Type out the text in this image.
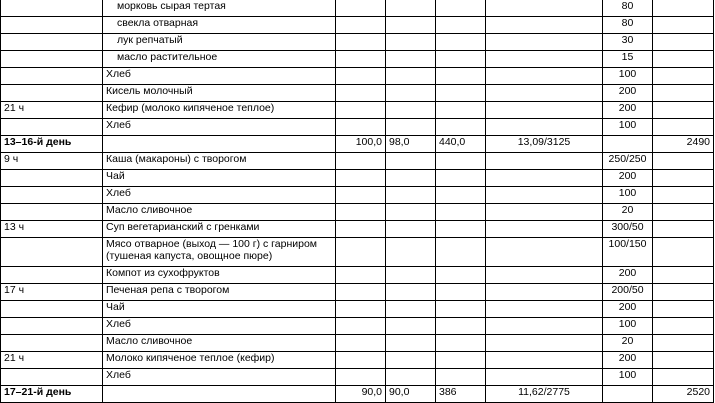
	морковь сырая тертая					80	
	свекла отварная					80	
	лук репчатый					30	
	масло растительное					15	
	Хлеб					100	
	Кисель молочный					200	
21 ч	Кефир (молоко кипяченое теплое)					200	
	Хлеб					100	
13–16-й день		100,0	98,0	440,0	13,09/3125		2490
9 ч	Каша (макароны) с творогом					250/250	
	Чай					200	
	Хлеб					100	
	Масло сливочное					20	
13 ч	Суп вегетарианский с гренками					300/50	
	Мясо отварное (выход — 100 г) с гарниром (тушеная капуста, овощное пюре)					100/150	
	Компот из сухофруктов					200	
17 ч	Печеная репа с творогом					200/50	
	Чай					200	
	Хлеб					100	
	Масло сливочное					20	
21 ч	Молоко кипяченое теплое (кефир)					200	
	Хлеб					100	
17–21-й день		90,0	90,0	386	11,62/2775		2520
